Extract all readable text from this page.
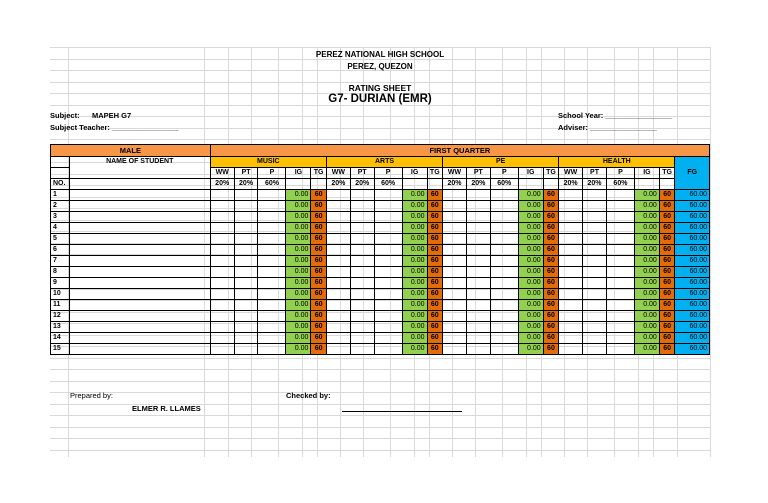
PEREZ NATIONAL HIGH SCHOOL
PEREZ, QUEZON
RATING SHEET
G7- DURIAN (EMR)
Subject: MAPEH G7
Subject Teacher: ________________
School Year: ________________
Adviser: ________________
MALE		FIRST QUARTER																				
	NAME OF STUDENT	MUSIC					ARTS					PE					HEALTH					FG
		WW	PT	P	IG	TG	WW	PT	P	IG	TG	WW	PT	P	IG	TG	WW	PT	P	IG	TG	
NO.		20%	20%	60%			20%	20%	60%			20%	20%	60%			20%	20%	60%			
1					0.00	60				0.00	60				0.00	60				0.00	60	60.00
2					0.00	60				0.00	60				0.00	60				0.00	60	60.00
3					0.00	60				0.00	60				0.00	60				0.00	60	60.00
4					0.00	60				0.00	60				0.00	60				0.00	60	60.00
5					0.00	60				0.00	60				0.00	60				0.00	60	60.00
6					0.00	60				0.00	60				0.00	60				0.00	60	60.00
7					0.00	60				0.00	60				0.00	60				0.00	60	60.00
8					0.00	60				0.00	60				0.00	60				0.00	60	60.00
9					0.00	60				0.00	60				0.00	60				0.00	60	60.00
10					0.00	60				0.00	60				0.00	60				0.00	60	60.00
11					0.00	60				0.00	60				0.00	60				0.00	60	60.00
12					0.00	60				0.00	60				0.00	60				0.00	60	60.00
13					0.00	60				0.00	60				0.00	60				0.00	60	60.00
14					0.00	60				0.00	60				0.00	60				0.00	60	60.00
15					0.00	60				0.00	60				0.00	60				0.00	60	60.00
Prepared by:
ELMER R. LLAMES
Checked by:
